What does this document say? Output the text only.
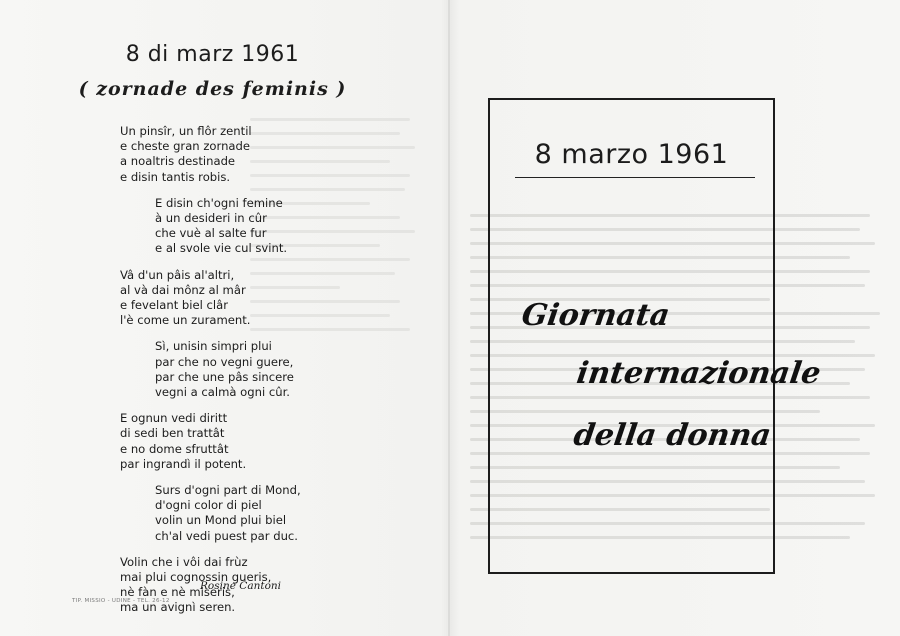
8 di marz 1961
( zornade des feminis )
Un pinsîr, un flôr zentil
e cheste gran zornade
a noaltris destinade
e disin tantis robis.
E disin ch'ogni femine
à un desideri in cûr
che vuè al salte fur
e al svole vie cul svint.
Vâ d'un pâis al'altri,
al và dai mônz al mâr
e fevelant biel clâr
l'è come un zurament.
Sì, unisin simpri plui
par che no vegni guere,
par che une pâs sincere
vegni a calmà ogni cûr.
E ognun vedi diritt
di sedi ben trattât
e no dome sfruttât
par ingrandì il potent.
Surs d'ogni part di Mond,
d'ogni color di piel
volin un Mond plui biel
ch'al vedi puest par duc.
Volin che i vôi dai frùz
mai plui cognossin gueris,
nè fàn e nè miseris,
ma un avignì seren.
Rosine Cantoni
TIP. MISSIO - UDINE - TEL. 26-12
8 marzo 1961
Giornata
internazionale
della donna
